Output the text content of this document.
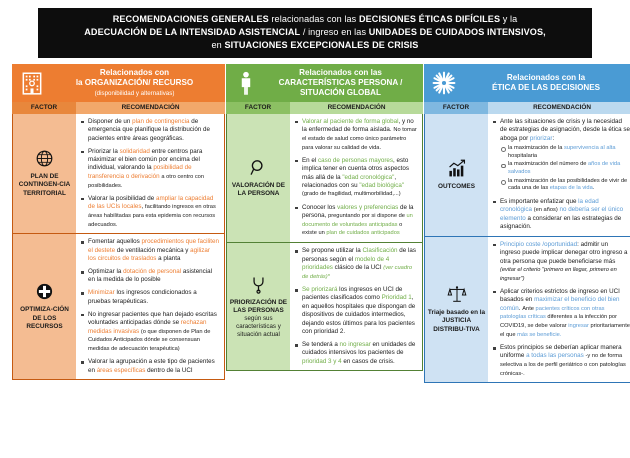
RECOMENDACIONES GENERALES relacionadas con las DECISIONES ÉTICAS DIFÍCILES y la
ADECUACIÓN DE LA INTENSIDAD ASISTENCIAL / ingreso en las UNIDADES DE CUIDADOS INTENSIVOS,
en SITUACIONES EXCEPCIONALES DE CRISIS
Relacionados con
la ORGANIZACIÓN/ RECURSO
(disponibilidad y alternativas)
FACTOR	RECOMENDACIÓN
PLAN DE CONTINGEN-CIA TERRITORIAL
Disponer de un plan de contingencia de emergencia que planifique la distribución de pacientes entre áreas geográficas.
Priorizar la solidaridad entre centros para máximizar el bien común por encima del individual, valorando la posibilidad de transferencia o derivación a otro centro con posibilidades.
Valorar la posibilidad de ampliar la capacidad de las UCIs locales, facilitando ingresos en otras áreas habilitadas para esta epidemia con recursos adecuados.
OPTIMIZA-CIÓN DE LOS RECURSOS
Fomentar aquellos procedimientos que faciliten el destete de ventilación mecánica y agilizar los circuitos de traslados a planta
Optimizar la dotación de personal asistencial en la medida de lo posible
Minimizar los ingresos condicionados a pruebas terapéuticas.
No ingresar pacientes que han dejado escritas voluntades anticipadas dónde se rechazan medidas invasivas (o que disponen de Plan de Cuidados Anticipados dónde se consensuan medidas de adecuación terapéutica)
Valorar la agrupación a este tipo de pacientes en áreas específicas dentro de la UCI
Relacionados con las
CARACTERÍSTICAS PERSONA / SITUACIÓN GLOBAL
FACTOR	RECOMENDACIÓN
VALORACIÓN DE LA PERSONA
Valorar al paciente de forma global, y no la enfermedad de forma aislada. No tomar el estado de salud como único parámetro para valorar su calidad de vida.
En el caso de personas mayores, esto implica tener en cuenta otros aspectos más allá de la "edad cronológica", relacionados con su "edad biológica" (grado de fragilidad, multimorbilidad,...)
Conocer los valores y preferencias de la persona, preguntando por si dispone de un documento de voluntades anticipadas o existe un plan de cuidados anticipados
PRIORIZACIÓN DE LAS PERSONAS
según sus características y situación actual
Se propone utilizar la Clasificación de las personas según el modelo de 4 prioridades clásico de la UCI (ver cuadro de detrás)*
Se priorizará los ingresos en UCI de pacientes clasificados como Prioridad 1, en aquellos hospitales que dispongan de dispositivos de cuidados intermedios, dejando estos últimos para los pacientes con prioridad 2.
Se tenderá a no ingresar en unidades de cuidados intensivos los pacientes de prioridad 3 y 4 en casos de crisis.
Relacionados con la
ÉTICA DE LAS DECISIONES
FACTOR	RECOMENDACIÓN
OUTCOMES
Ante las situaciones de crisis y la necesidad de estrategias de asignación, desde la ética se aboga por priorizar:
la maximización de la supervivencia al alta hospitalaria
la maximización del número de años de vida salvados
la maximización de las posibilidades de vivir de cada una de las etapas de la vida.
Es importante enfatizar que la edad cronológica (en años) no debería ser el único elemento a considerar en las estrategias de asignación.
Triaje basado en la JUSTICIA DISTRIBU-TIVA
Principio coste /oportunidad: admitir un ingreso puede implicar denegar otro ingreso a otra persona que puede beneficiarse más (evitar el criterio "primero en llegar, primero en ingresar")
Aplicar criterios estrictos de ingreso en UCI basados en maximizar el beneficio del bien común. Ante pacientes críticos con otras patologías críticas diferentes a la infección por COVID19, se debe valorar ingresar prioritariamente el que más se beneficie.
Estos principios se deberían aplicar manera uniforme a todas las personas -y no de forma selectiva a los de perfil geriátrico o con patologías crónicas-.
